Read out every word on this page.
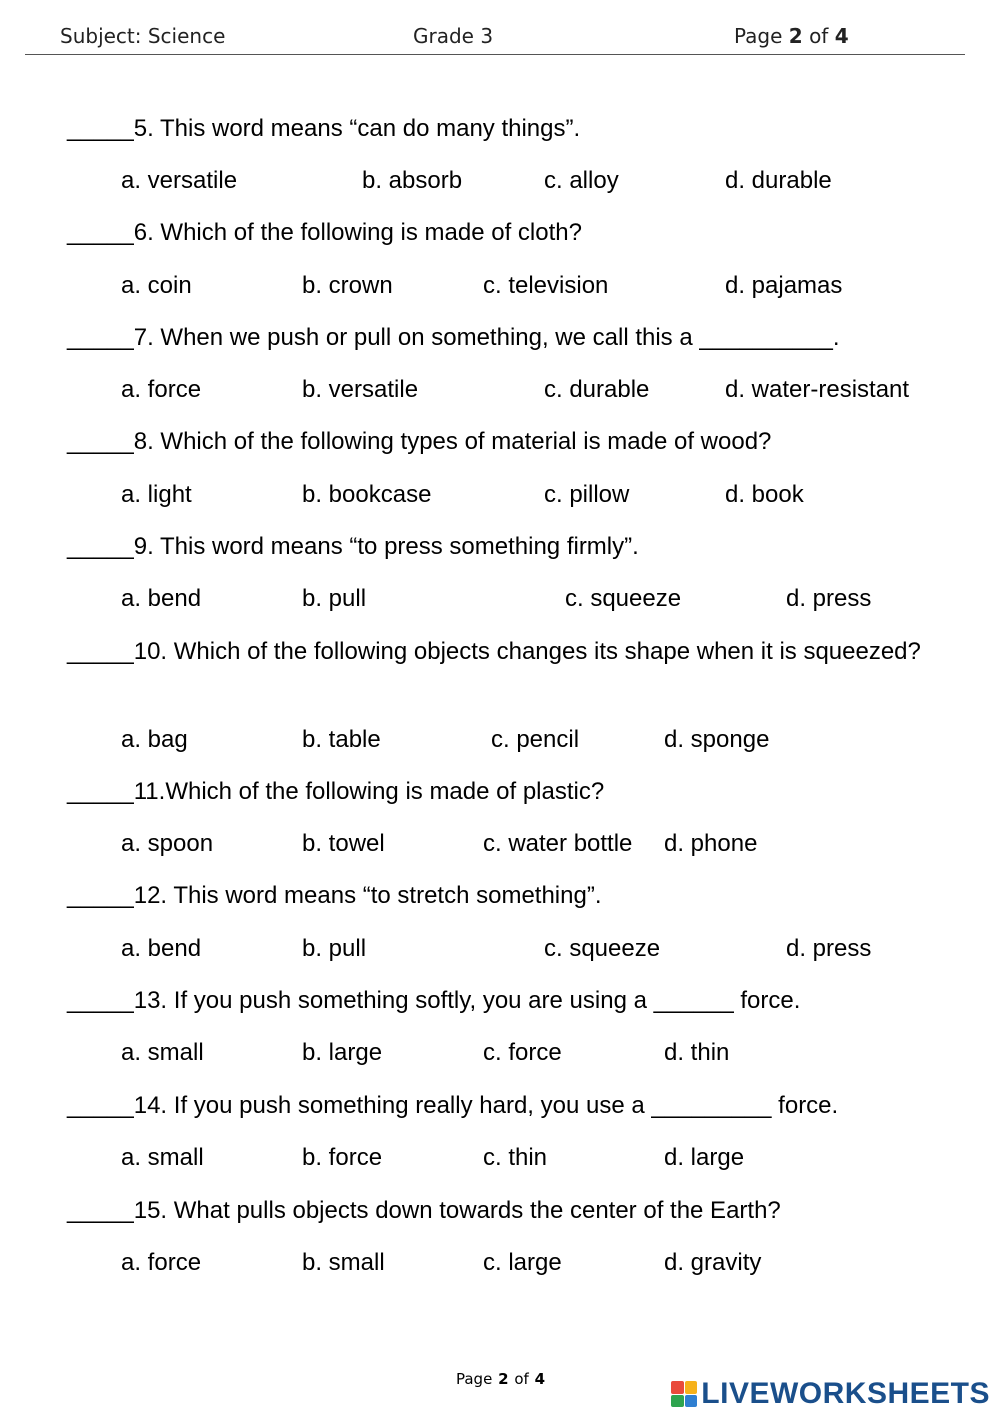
Subject: Science	Grade 3	Page 2 of 4
_____5. This word means “can do many things”.
a. versatile	b. absorb	c. alloy	d. durable
_____6. Which of the following is made of cloth?
a. coin	b. crown	c. television	d. pajamas
_____7. When we push or pull on something, we call this a __________.
a. force	b. versatile	c. durable	d. water-resistant
_____8. Which of the following types of material is made of wood?
a. light	b. bookcase	c. pillow	d. book
_____9. This word means “to press something firmly”.
a. bend	b. pull	c. squeeze	d. press
_____10. Which of the following objects changes its shape when it is squeezed?
a. bag	b. table	c. pencil	d. sponge
_____11.Which of the following is made of plastic?
a. spoon	b. towel	c. water bottle d. phone
_____12. This word means “to stretch something”.
a. bend	b. pull	c. squeeze	d. press
_____13. If you push something softly, you are using a ______ force.
a. small	b. large	c. force	d. thin
_____14. If you push something really hard, you use a _________ force.
a. small	b. force	c. thin	d. large
_____15. What pulls objects down towards the center of the Earth?
a. force	b. small	c. large	d. gravity
Page 2 of 4	LIVEWORKSHEETS
